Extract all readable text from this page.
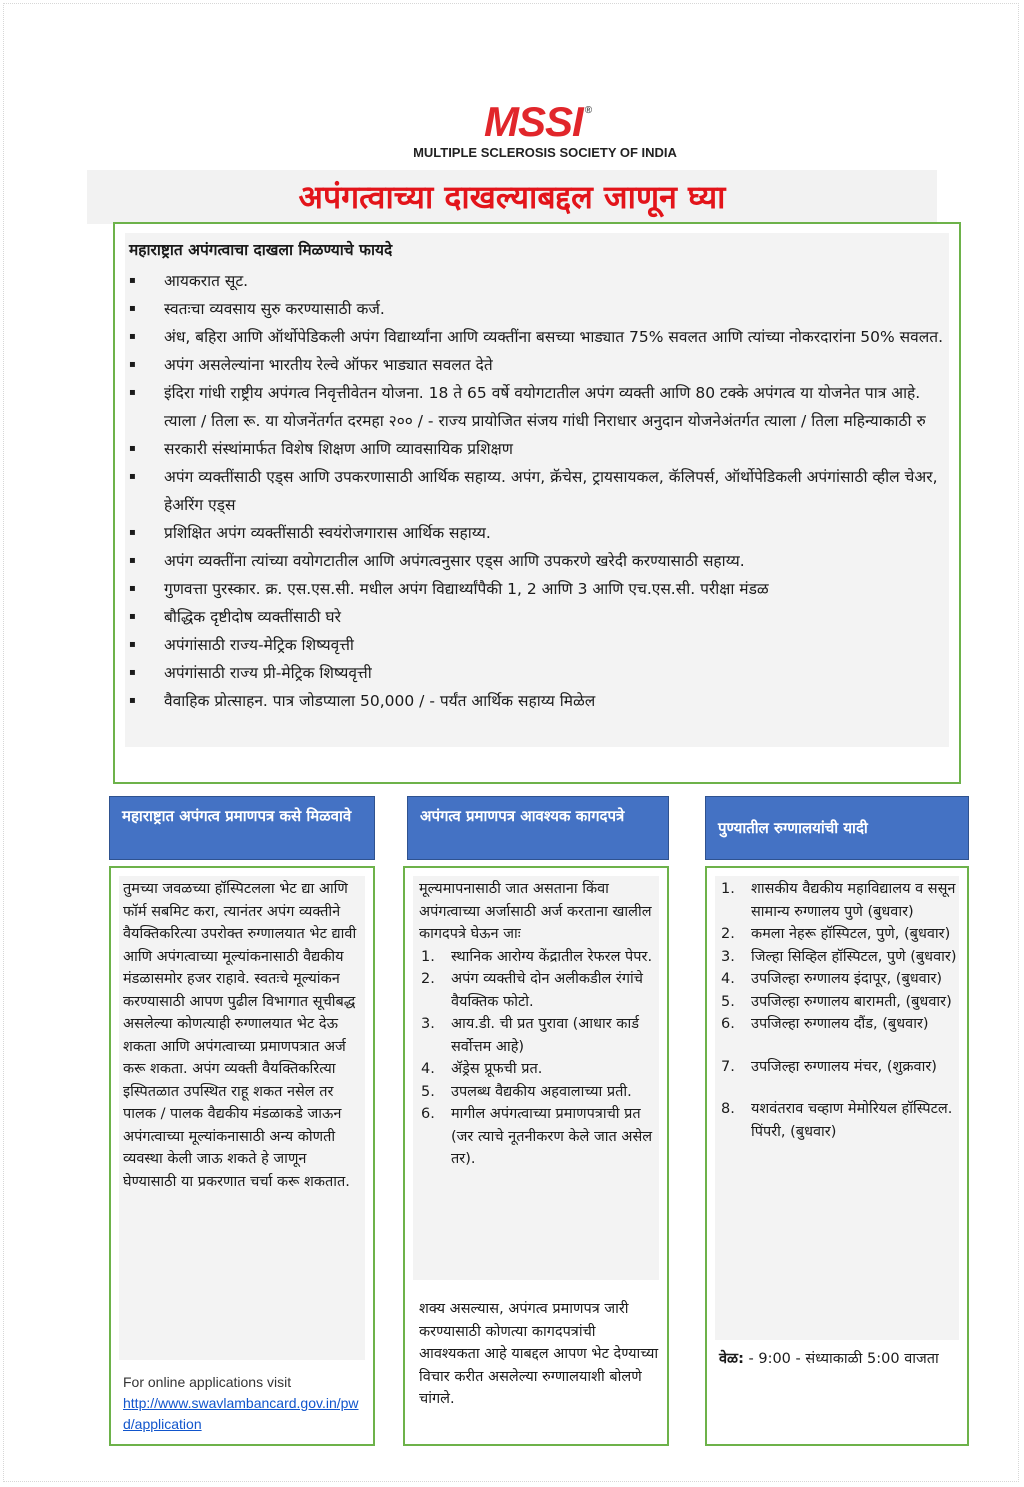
MSSI ®
MULTIPLE SCLEROSIS SOCIETY OF INDIA
अपंगत्वाच्या दाखल्याबद्दल जाणून घ्या
महाराष्ट्रात अपंगत्वाचा दाखला मिळण्याचे फायदे
▪ आयकरात सूट.
▪ स्वतःचा व्यवसाय सुरु करण्यासाठी कर्ज.
▪ अंध, बहिरा आणि ऑर्थोपेडिकली अपंग विद्यार्थ्यांना आणि व्यक्तींना बसच्या भाड्यात 75% सवलत आणि त्यांच्या नोकरदारांना 50% सवलत.
▪ अपंग असलेल्यांना भारतीय रेल्वे ऑफर भाड्यात सवलत देते
▪ इंदिरा गांधी राष्ट्रीय अपंगत्व निवृत्तीवेतन योजना. 18 ते 65 वर्षे वयोगटातील अपंग व्यक्ती आणि 80 टक्के अपंगत्व या योजनेत पात्र आहे. त्याला / तिला रू. या योजनेंतर्गत दरमहा २०० / - राज्य प्रायोजित संजय गांधी निराधार अनुदान योजनेअंतर्गत त्याला / तिला महिन्याकाठी रु
▪ सरकारी संस्थांमार्फत विशेष शिक्षण आणि व्यावसायिक प्रशिक्षण
▪ अपंग व्यक्तींसाठी एड्स आणि उपकरणासाठी आर्थिक सहाय्य. अपंग, क्रॅचेस, ट्रायसायकल, कॅलिपर्स, ऑर्थोपेडिकली अपंगांसाठी व्हील चेअर, हेअरिंग एड्स
▪ प्रशिक्षित अपंग व्यक्तींसाठी स्वयंरोजगारास आर्थिक सहाय्य.
▪ अपंग व्यक्तींना त्यांच्या वयोगटातील आणि अपंगत्वनुसार एड्स आणि उपकरणे खरेदी करण्यासाठी सहाय्य.
▪ गुणवत्ता पुरस्कार. क्र. एस.एस.सी. मधील अपंग विद्यार्थ्यांपैकी 1, 2 आणि 3 आणि एच.एस.सी. परीक्षा मंडळ
▪ बौद्धिक दृष्टीदोष व्यक्तींसाठी घरे
▪ अपंगांसाठी राज्य-मेट्रिक शिष्यवृत्ती
▪ अपंगांसाठी राज्य प्री-मेट्रिक शिष्यवृत्ती
▪ वैवाहिक प्रोत्साहन. पात्र जोडप्याला 50,000 / - पर्यंत आर्थिक सहाय्य मिळेल
महाराष्ट्रात अपंगत्व प्रमाणपत्र कसे मिळवावे

तुमच्या जवळच्या हॉस्पिटलला भेट द्या आणि फॉर्म सबमिट करा, त्यानंतर अपंग व्यक्तीने वैयक्तिकरित्या उपरोक्त रुग्णालयात भेट द्यावी आणि अपंगत्वाच्या मूल्यांकनासाठी वैद्यकीय मंडळासमोर हजर राहावे. स्वतःचे मूल्यांकन करण्यासाठी आपण पुढील विभागात सूचीबद्ध असलेल्या कोणत्याही रुग्णालयात भेट देऊ शकता आणि अपंगत्वाच्या प्रमाणपत्रात अर्ज करू शकता. अपंग व्यक्ती वैयक्तिकरित्या इस्पितळात उपस्थित राहू शकत नसेल तर पालक / पालक वैद्यकीय मंडळाकडे जाऊन अपंगत्वाच्या मूल्यांकनासाठी अन्य कोणती व्यवस्था केली जाऊ शकते हे जाणून घेण्यासाठी या प्रकरणात चर्चा करू शकतात.

For online applications visit
http://www.swavlambancard.gov.in/pwd/application
अपंगत्व प्रमाणपत्र आवश्यक कागदपत्रे

मूल्यमापनासाठी जात असताना किंवा अपंगत्वाच्या अर्जासाठी अर्ज करताना खालील कागदपत्रे घेऊन जाः

1. स्थानिक आरोग्य केंद्रातील रेफरल पेपर.
2. अपंग व्यक्तीचे दोन अलीकडील रंगांचे वैयक्तिक फोटो.
3. आय.डी. ची प्रत पुरावा (आधार कार्ड सर्वोत्तम आहे)
4. ॲड्रेस प्रूफची प्रत.
5. उपलब्ध वैद्यकीय अहवालाच्या प्रती.
6. मागील अपंगत्वाच्या प्रमाणपत्राची प्रत (जर त्याचे नूतनीकरण केले जात असेल तर).

शक्य असल्यास, अपंगत्व प्रमाणपत्र जारी करण्यासाठी कोणत्या कागदपत्रांची आवश्यकता आहे याबद्दल आपण भेट देण्याच्या विचार करीत असलेल्या रुग्णालयाशी बोलणे चांगले.

पुण्यातील रुग्णालयांची यादी
1. शासकीय वैद्यकीय महाविद्यालय व ससून सामान्य रुग्णालय पुणे (बुधवार)
2. कमला नेहरू हॉस्पिटल, पुणे, (बुधवार)
3. जिल्हा सिव्हिल हॉस्पिटल, पुणे (बुधवार)
4. उपजिल्हा रुग्णालय इंदापूर, (बुधवार)
5. उपजिल्हा रुग्णालय बारामती, (बुधवार)
6. उपजिल्हा रुग्णालय दौंड, (बुधवार)
7. उपजिल्हा रुग्णालय मंचर, (शुक्रवार)
8. यशवंतराव चव्हाण मेमोरियल हॉस्पिटल. पिंपरी, (बुधवार)
वेळ: - 9:00 - संध्याकाळी 5:00 वाजता
